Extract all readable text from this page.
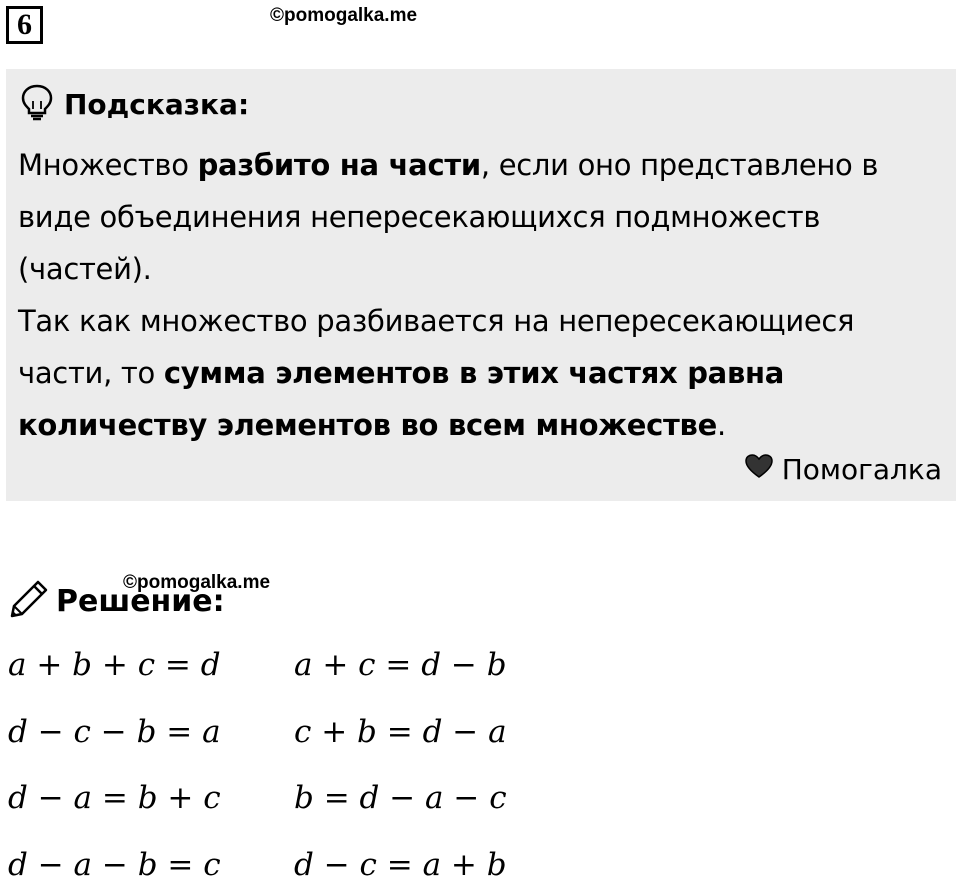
6	©pomogalka.me
Подсказка:

Множество разбито на части, если оно представлено в виде объединения непересекающихся подмножеств (частей).

Так как множество разбивается на непересекающиеся части, то сумма элементов в этих частях равна количеству элементов во всем множестве.

Помогалка
Решение:
©pomogalka.me
a + b + c = d a + c = d − b
d − c − b = a c + b = d − a
d − a = b + c b = d − a − c
d − a − b = c d − c = a + b
